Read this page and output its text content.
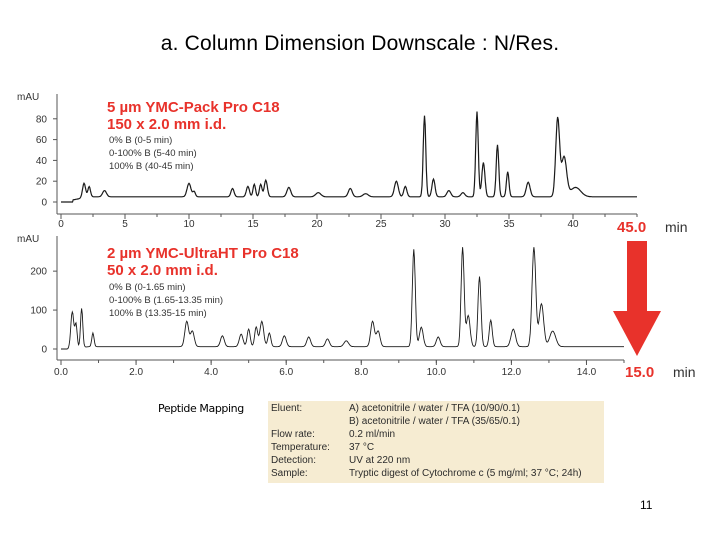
a. Column Dimension Downscale : N/Res.
5 µm YMC-Pack Pro C18
150 x 2.0 mm i.d.
0% B (0-5 min)
0-100% B (5-40 min)
100% B (40-45 min)
mAU
2 µm YMC-UltraHT Pro C18
50 x 2.0 mm i.d.
0% B (0-1.65 min)
0-100% B (1.65-13.35 min)
100% B (13.35-15 min)
mAU
45.0 min
15.0 min
0
20
40
60
80
0	5	10	15	20	25	30	35	40
0
100
200
0.0	2.0	4.0	6.0	8.0	10.0	12.0	14.0
Peptide Mapping	Eluent:	A) acetonitrile / water / TFA (10/90/0.1)
B) acetonitrile / water / TFA (35/65/0.1)
Flow rate:	0.2 ml/min
Temperature:	37 °C
Detection:	UV at 220 nm
Sample:	Tryptic digest of Cytochrome c (5 mg/ml; 37 °C; 24h)
11
